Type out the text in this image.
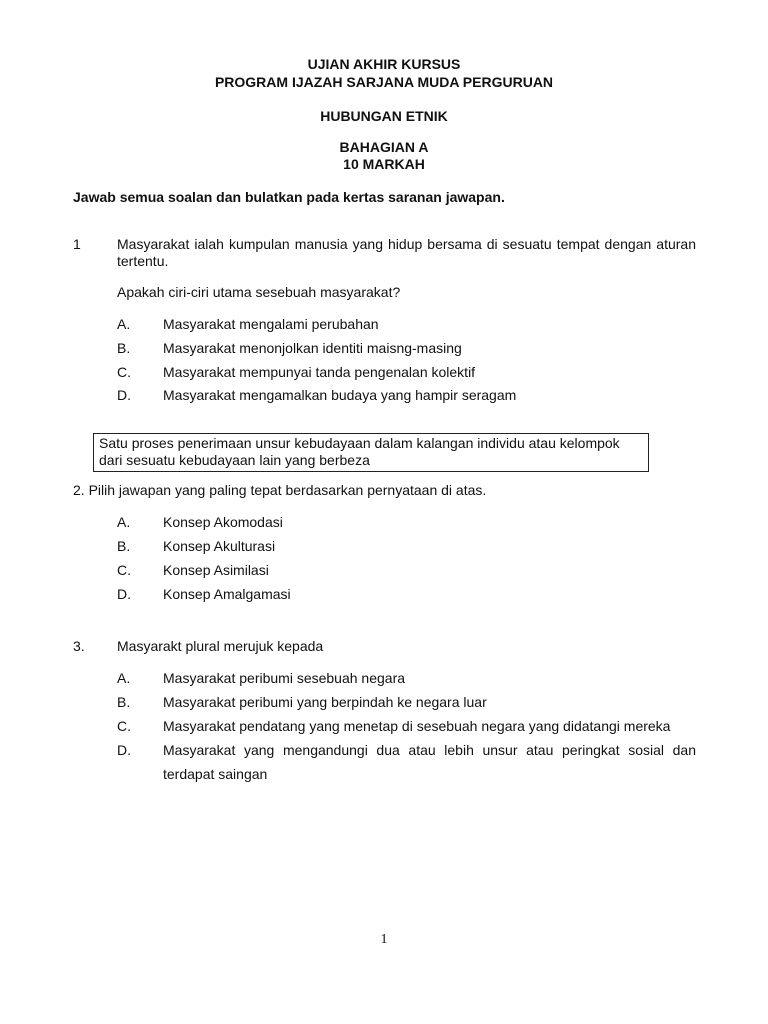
UJIAN AKHIR KURSUS
PROGRAM IJAZAH SARJANA MUDA PERGURUAN
HUBUNGAN ETNIK
BAHAGIAN A
10 MARKAH
Jawab semua soalan dan bulatkan pada kertas saranan jawapan.
1	Masyarakat ialah kumpulan manusia yang hidup bersama di sesuatu tempat dengan aturan tertentu.
Apakah ciri-ciri utama sesebuah masyarakat?
A. Masyarakat mengalami perubahan
B. Masyarakat menonjolkan identiti maisng-masing
C. Masyarakat mempunyai tanda pengenalan kolektif
D. Masyarakat mengamalkan budaya yang hampir seragam
Satu proses penerimaan unsur kebudayaan dalam kalangan individu atau kelompok
dari sesuatu kebudayaan lain yang berbeza
2. Pilih jawapan yang paling tepat berdasarkan pernyataan di atas.
A. Konsep Akomodasi
B. Konsep Akulturasi
C. Konsep Asimilasi
D. Konsep Amalgamasi
3. Masyarakt plural merujuk kepada
A. Masyarakat peribumi sesebuah negara
B. Masyarakat peribumi yang berpindah ke negara luar
C. Masyarakat pendatang yang menetap di sesebuah negara yang didatangi mereka
D. Masyarakat yang mengandungi dua atau lebih unsur atau peringkat sosial dan terdapat saingan
1
